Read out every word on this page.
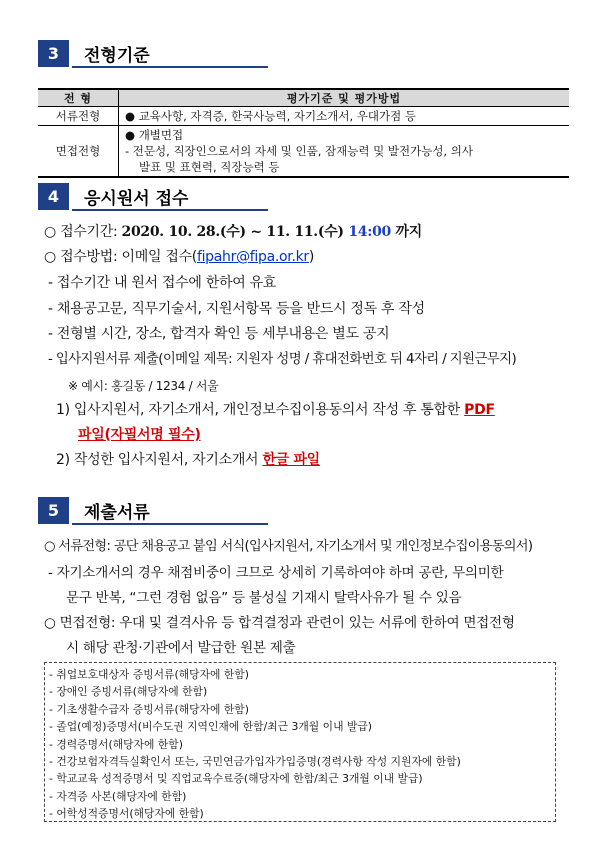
3	전형기준
전 형	평가기준 및 평가방법
서류전형	● 교육사항, 자격증, 한국사능력, 자기소개서, 우대가점 등

면접전형	● 개별면접
- 전문성, 직장인으로서의 자세 및 인품, 잠재능력 및 발전가능성, 의사
발표 및 표현력, 직장능력 등
4	응시원서 접수
○ 접수기간: 2020. 10. 28.(수) ~ 11. 11.(수) 14:00 까지
○ 접수방법: 이메일 접수(fipahr@fipa.or.kr)
- 접수기간 내 원서 접수에 한하여 유효
- 채용공고문, 직무기술서, 지원서항목 등을 반드시 정독 후 작성
- 전형별 시간, 장소, 합격자 확인 등 세부내용은 별도 공지
- 입사지원서류 제출(이메일 제목: 지원자 성명 / 휴대전화번호 뒤 4자리 / 지원근무지)
※ 예시: 홍길동 / 1234 / 서울
1) 입사지원서, 자기소개서, 개인정보수집이용동의서 작성 후 통합한 PDF
파일(자필서명 필수)
2) 작성한 입사지원서, 자기소개서 한글 파일
5	제출서류
○ 서류전형: 공단 채용공고 붙임 서식(입사지원서, 자기소개서 및 개인정보수집이용동의서)
- 자기소개서의 경우 채점비중이 크므로 상세히 기록하여야 하며 공란, 무의미한
문구 반복, “그런 경험 없음” 등 불성실 기재시 탈락사유가 될 수 있음
○ 면접전형: 우대 및 결격사유 등 합격결정과 관련이 있는 서류에 한하여 면접전형
시 해당 관청·기관에서 발급한 원본 제출
- 취업보호대상자 증빙서류(해당자에 한함)
- 장애인 증빙서류(해당자에 한함)
- 기초생활수급자 증빙서류(해당자에 한함)
- 졸업(예정)증명서(비수도권 지역인재에 한함/최근 3개월 이내 발급)
- 경력증명서(해당자에 한함)
- 건강보험자격득실확인서 또는, 국민연금가입자가입증명(경력사항 작성 지원자에 한함)
- 학교교육 성적증명서 및 직업교육수료증(해당자에 한함/최근 3개월 이내 발급)
- 자격증 사본(해당자에 한함)
- 어학성적증명서(해당자에 한함)
